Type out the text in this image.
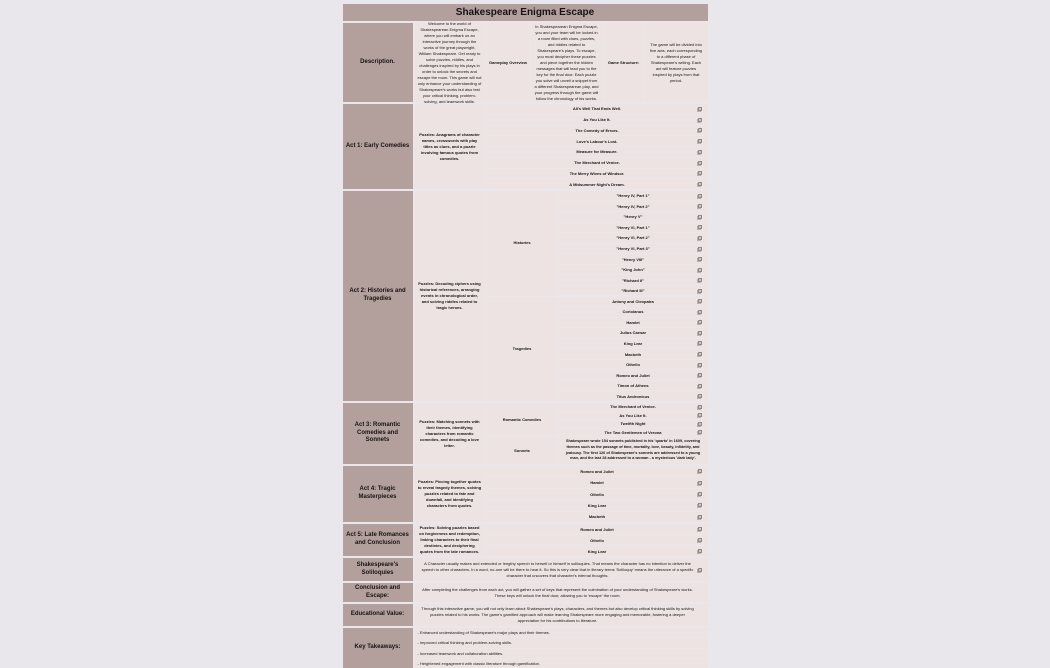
Shakespeare Enigma Escape
Description.
Welcome to the world of Shakespearean Enigma Escape, where you will embark on an interactive journey through the works of the great playwright, William Shakespeare. Get ready to solve puzzles, riddles, and challenges inspired by his plays in order to unlock the secrets and escape the room. This game will not only enhance your understanding of Shakespeare's works but also test your critical thinking, problem-solving, and teamwork skills.
Gameplay Overview
In Shakespearean Enigma Escape, you and your team will be locked in a room filled with clues, puzzles, and riddles related to Shakespeare's plays. To escape, you must decipher these puzzles and piece together the hidden messages that will lead you to the key for the final door. Each puzzle you solve will unveil a snippet from a different Shakespearean play, and your progress through the game will follow the chronology of his works.
Game Structure:
The game will be divided into five acts, each corresponding to a different phase of Shakespeare's writing. Each act will feature puzzles inspired by plays from that period.
Act 1: Early Comedies
Puzzles: Anagrams of character names, crosswords with play titles as clues, and a puzzle involving famous quotes from comedies.
All's Well That Ends Well.
As You Like It.
The Comedy of Errors.
Love's Labour's Lost.
Measure for Measure.
The Merchant of Venice.
The Merry Wives of Windsor.
A Midsummer Night's Dream.
Act 2: Histories and Tragedies
Puzzles: Decoding ciphers using historical references, arranging events in chronological order, and solving riddles related to tragic heroes.
Histories
"Henry IV, Part 1"
"Henry IV, Part 2"
"Henry V"
"Henry VI, Part 1"
"Henry VI, Part 2"
"Henry VI, Part 3"
"Henry VIII"
"King John"
"Richard II"
"Richard III"
Tragedies
Antony and Cleopatra
Coriolanus
Hamlet
Julius Caesar
King Lear
Macbeth
Othello
Romeo and Juliet
Timon of Athens
Titus Andronicus
Act 3: Romantic Comedies and Sonnets
Puzzles: Matching sonnets with their themes, identifying characters from romantic comedies, and decoding a love letter.
Romantic Comedies
The Merchant of Venice.
As You Like It.
Twelfth Night
The Two Gentlemen of Verona
Sonnets
Shakespeare wrote 154 sonnets published in his 'quarto' in 1609, covering themes such as the passage of time, mortality, love, beauty, infidelity, and jealousy. The first 126 of Shakespeare's sonnets are addressed to a young man, and the last 28 addressed to a woman - a mysterious 'dark lady'.
Act 4: Tragic Masterpieces
Puzzles: Piecing together quotes to reveal tragedy themes, solving puzzles related to fate and downfall, and identifying characters from quotes.
Romeo and Juliet
Hamlet
Othello
King Lear
Macbeth
Act 5: Late Romances and Conclusion
Puzzles: Solving puzzles based on forgiveness and redemption, linking characters to their final destinies, and deciphering quotes from the late romances.
Romeo and Juliet
Othello
King Lear
Shakespeare's Soliloquies
A Character usually makes and extended or lengthy speech to herself or himself in soliloquies. That means the character has no intention to deliver the speech to other characters. In a word, no-one will be there to hear it. So this is very clear that in literary terms 'Soliloquy' means the utterance of a specific character that uncovers that character's internal thoughts.
Conclusion and Escape:
After completing the challenges from each act, you will gather a set of keys that represent the culmination of your understanding of Shakespeare's works. These keys will unlock the final door, allowing you to 'escape' the room.
Educational Value:
Through this interactive game, you will not only learn about Shakespeare's plays, characters, and themes but also develop critical thinking skills by solving puzzles related to his works. The game's gamified approach will make learning Shakespeare more engaging and memorable, fostering a deeper appreciation for his contributions to literature.
Key Takeaways:
- Enhanced understanding of Shakespeare's major plays and their themes.
- Improved critical thinking and problem-solving skills.
- Increased teamwork and collaboration abilities.
- Heightened engagement with classic literature through gamification.
